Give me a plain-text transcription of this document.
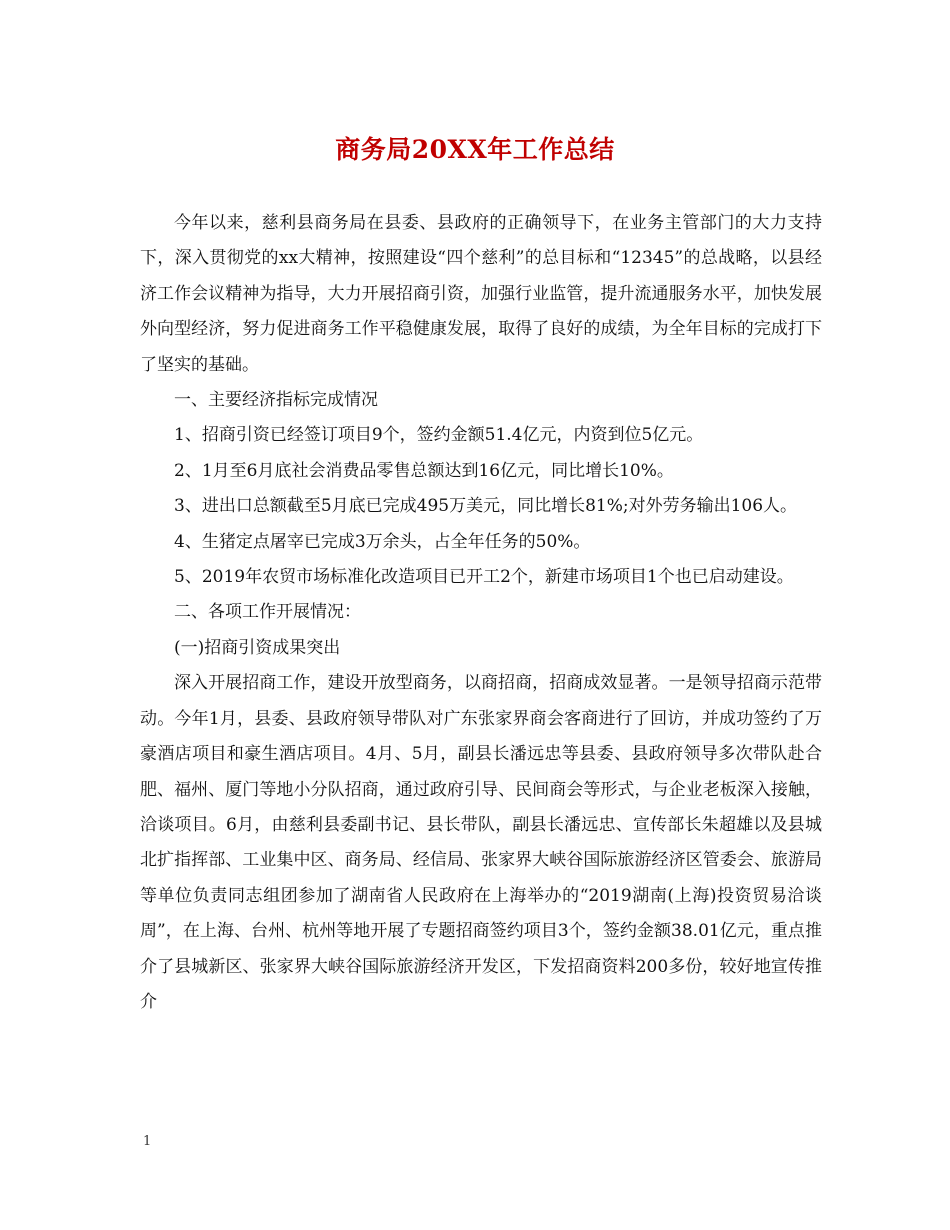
商务局20XX年工作总结

今年以来，慈利县商务局在县委、县政府的正确领导下，在业务主管部门的大力支持下，深入贯彻党的xx大精神，按照建设“四个慈利”的总目标和“12345”的总战略，以县经济工作会议精神为指导，大力开展招商引资，加强行业监管，提升流通服务水平，加快发展外向型经济，努力促进商务工作平稳健康发展，取得了良好的成绩，为全年目标的完成打下了坚实的基础。

一、主要经济指标完成情况

1、招商引资已经签订项目9个，签约金额51.4亿元，内资到位5亿元。

2、1月至6月底社会消费品零售总额达到16亿元，同比增长10%。

3、进出口总额截至5月底已完成495万美元，同比增长81%;对外劳务输出106人。

4、生猪定点屠宰已完成3万余头，占全年任务的50%。

5、2019年农贸市场标准化改造项目已开工2个，新建市场项目1个也已启动建设。

二、各项工作开展情况：

(一)招商引资成果突出

深入开展招商工作，建设开放型商务，以商招商，招商成效显著。一是领导招商示范带动。今年1月，县委、县政府领导带队对广东张家界商会客商进行了回访，并成功签约了万豪酒店项目和豪生酒店项目。4月、5月，副县长潘远忠等县委、县政府领导多次带队赴合肥、福州、厦门等地小分队招商，通过政府引导、民间商会等形式，与企业老板深入接触，洽谈项目。6月，由慈利县委副书记、县长带队，副县长潘远忠、宣传部长朱超雄以及县城北扩指挥部、工业集中区、商务局、经信局、张家界大峡谷国际旅游经济区管委会、旅游局等单位负责同志组团参加了湖南省人民政府在上海举办的“2019湖南(上海)投资贸易洽谈周”，在上海、台州、杭州等地开展了专题招商签约项目3个，签约金额38.01亿元，重点推介了县城新区、张家界大峡谷国际旅游经济开发区，下发招商资料200多份，较好地宣传推介

1
